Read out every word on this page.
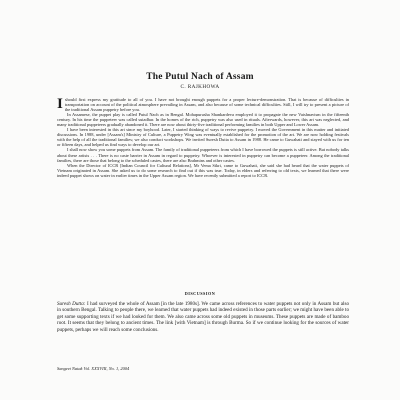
The Putul Nach of Assam
C. RAJKHOWA

Ishould first express my gratitude to all of you. I have not brought enough puppets for a proper lecture-demonstration. That is because of difficulties in transportation on account of the political atmosphere prevailing in Assam, and also because of some technical difficulties. Still, I will try to present a picture of the traditional Assam puppetry before you.

In Assamese, the puppet play is called Putul Nach as in Bengal. Mohapurusha Shankardeva employed it to propagate the new Vaishnavism in the fifteenth century. In his time the puppeteer was called sutadhar. In the homes of the rich, puppetry was also used in rituals. Afterwards, however, this art was neglected, and many traditional puppeteers gradually abandoned it. There are now about thirty-five traditional performing families in both Upper and Lower Assam.

I have been interested in this art since my boyhood. Later, I started thinking of ways to revive puppetry. I moved the Government in this matter and initiated discussions. In 1988, under [Assam's] Ministry of Culture, a Puppetry Wing was eventually established for the promotion of the art. We are now holding festivals with the help of all the traditional families; we also conduct workshops. We invited Suresh Dutta to Assam in 1988. He came to Guwahati and stayed with us for ten or fifteen days, and helped us find ways to develop our art.

I shall now show you some puppets from Assam. The family of traditional puppeteers from which I have borrowed the puppets is still active. But nobody talks about these artists . . . There is no caste barrier in Assam in regard to puppetry. Whoever is interested in puppetry can become a puppeteer. Among the traditional families, there are those that belong to the scheduled castes, there are also Brahmins and other castes.

When the Director of ICCR [Indian Council for Cultural Relations], Mr Vema Sikri, came to Guwahati, she said she had heard that the water puppets of Vietnam originated in Assam. She asked us to do some research to find out if this was true. Today, in elders and referring to old texts, we learned that there were indeed puppet shows on water in earlier times in the Upper Assam region. We have recently submitted a report to ICCR.

DISCUSSION

Suresh Dutta: I had surveyed the whole of Assam [in the late 1980s]. We came across references to water puppets not only in Assam but also in southern Bengal. Talking to people there, we learned that water puppets had indeed existed in those parts earlier; we might have been able to get some supporting texts if we had looked for them. We also came across some old puppets in museums. These puppets are made of bamboo root. It seems that they belong to ancient times. The link [with Vietnam] is through Burma. So if we continue looking for the sources of water puppets, perhaps we will reach some conclusions.

Sangeet Natak Vol. XXXVIII, No. 1, 2004
